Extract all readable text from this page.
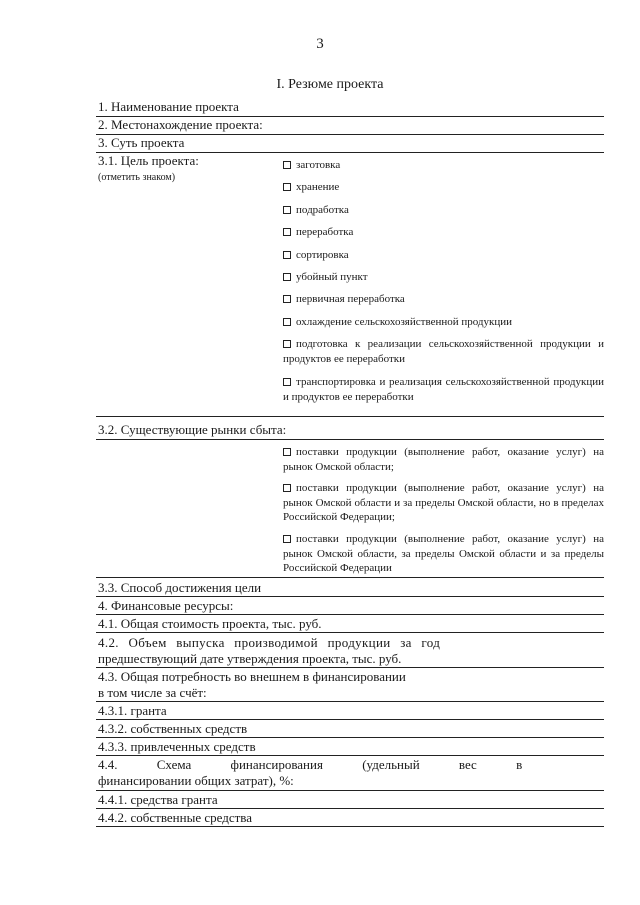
3
I. Резюме проекта
1. Наименование проекта
2. Местонахождение проекта:
3. Суть проекта
3.1. Цель проекта:
(отметить знаком)
заготовка
хранение
подработка
переработка
сортировка
убойный пункт
первичная переработка
охлаждение сельскохозяйственной продукции
подготовка к реализации сельскохозяйственной продукции и продуктов ее переработки
транспортировка и реализация сельскохозяйственной продукции и продуктов ее переработки
3.2. Существующие рынки сбыта:
поставки продукции (выполнение работ, оказание услуг) на рынок Омской области;
поставки продукции (выполнение работ, оказание услуг) на рынок Омской области и за пределы Омской области, но в пределах Российской Федерации;
поставки продукции (выполнение работ, оказание услуг) на рынок Омской области, за пределы Омской области и за пределы Российской Федерации
3.3. Способ достижения цели
4. Финансовые ресурсы:
4.1. Общая стоимость проекта, тыс. руб.
4.2. Объем выпуска производимой продукции за год
предшествующий дате утверждения проекта, тыс. руб.
4.3. Общая потребность во внешнем в финансировании
в том числе за счёт:
4.3.1. гранта
4.3.2. собственных средств
4.3.3. привлеченных средств
4.4. Схема финансирования (удельный вес в
финансировании общих затрат), %:
4.4.1. средства гранта
4.4.2. собственные средства
